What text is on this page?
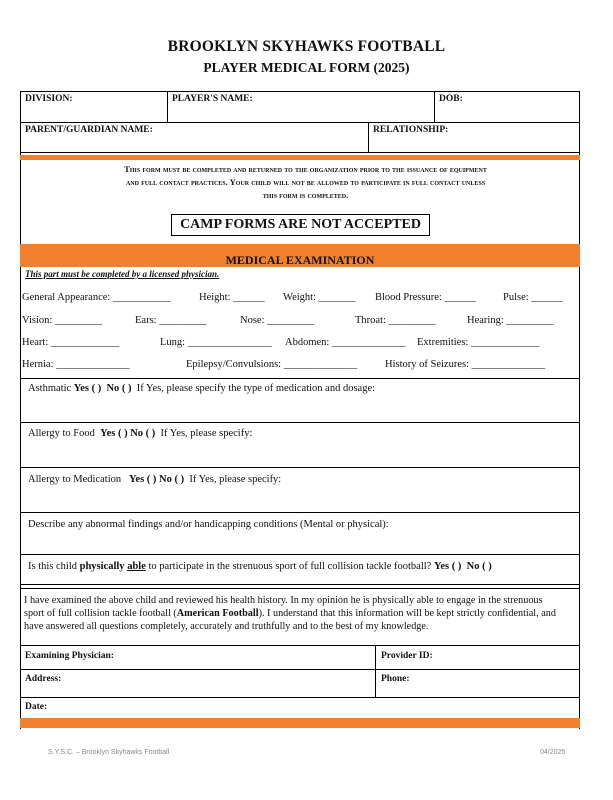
BROOKLYN SKYHAWKS FOOTBALL
PLAYER MEDICAL FORM (2025)
DIVISION:	PLAYER'S NAME:	DOB:
PARENT/GUARDIAN NAME:	RELATIONSHIP:
This form must be completed and returned to the organization prior to the issuance of equipment
and full contact practices. Your child will not be allowed to participate in full contact unless
this form is completed.
CAMP FORMS ARE NOT ACCEPTED
MEDICAL EXAMINATION
This part must be completed by a licensed physician.
General Appearance: ___________	Height: ______ Weight: _______ Blood Pressure: ______	Pulse: ______
Vision: _________	Ears: _________	Nose: _________	Throat: _________	Hearing: _________
Heart: _____________	Lung: ________________ Abdomen: ______________ Extremities: _____________
Hernia: ______________	Epilepsy/Convulsions: ______________	History of Seizures: ______________
Asthmatic Yes ( ) No ( ) If Yes, please specify the type of medication and dosage:
Allergy to Food Yes ( ) No ( ) If Yes, please specify:
Allergy to Medication Yes ( ) No ( ) If Yes, please specify:
Describe any abnormal findings and/or handicapping conditions (Mental or physical):
Is this child physically able to participate in the strenuous sport of full collision tackle football? Yes ( ) No ( )
I have examined the above child and reviewed his health history. In my opinion he is physically able to engage in the strenuous sport of full collision tackle football (American Football). I understand that this information will be kept strictly confidential, and have answered all questions completely, accurately and truthfully and to the best of my knowledge.
Examining Physician:	Provider ID:
Address:	Phone:
Date:
S.Y.S.C. – Brooklyn Skyhawks Football	04/2025
